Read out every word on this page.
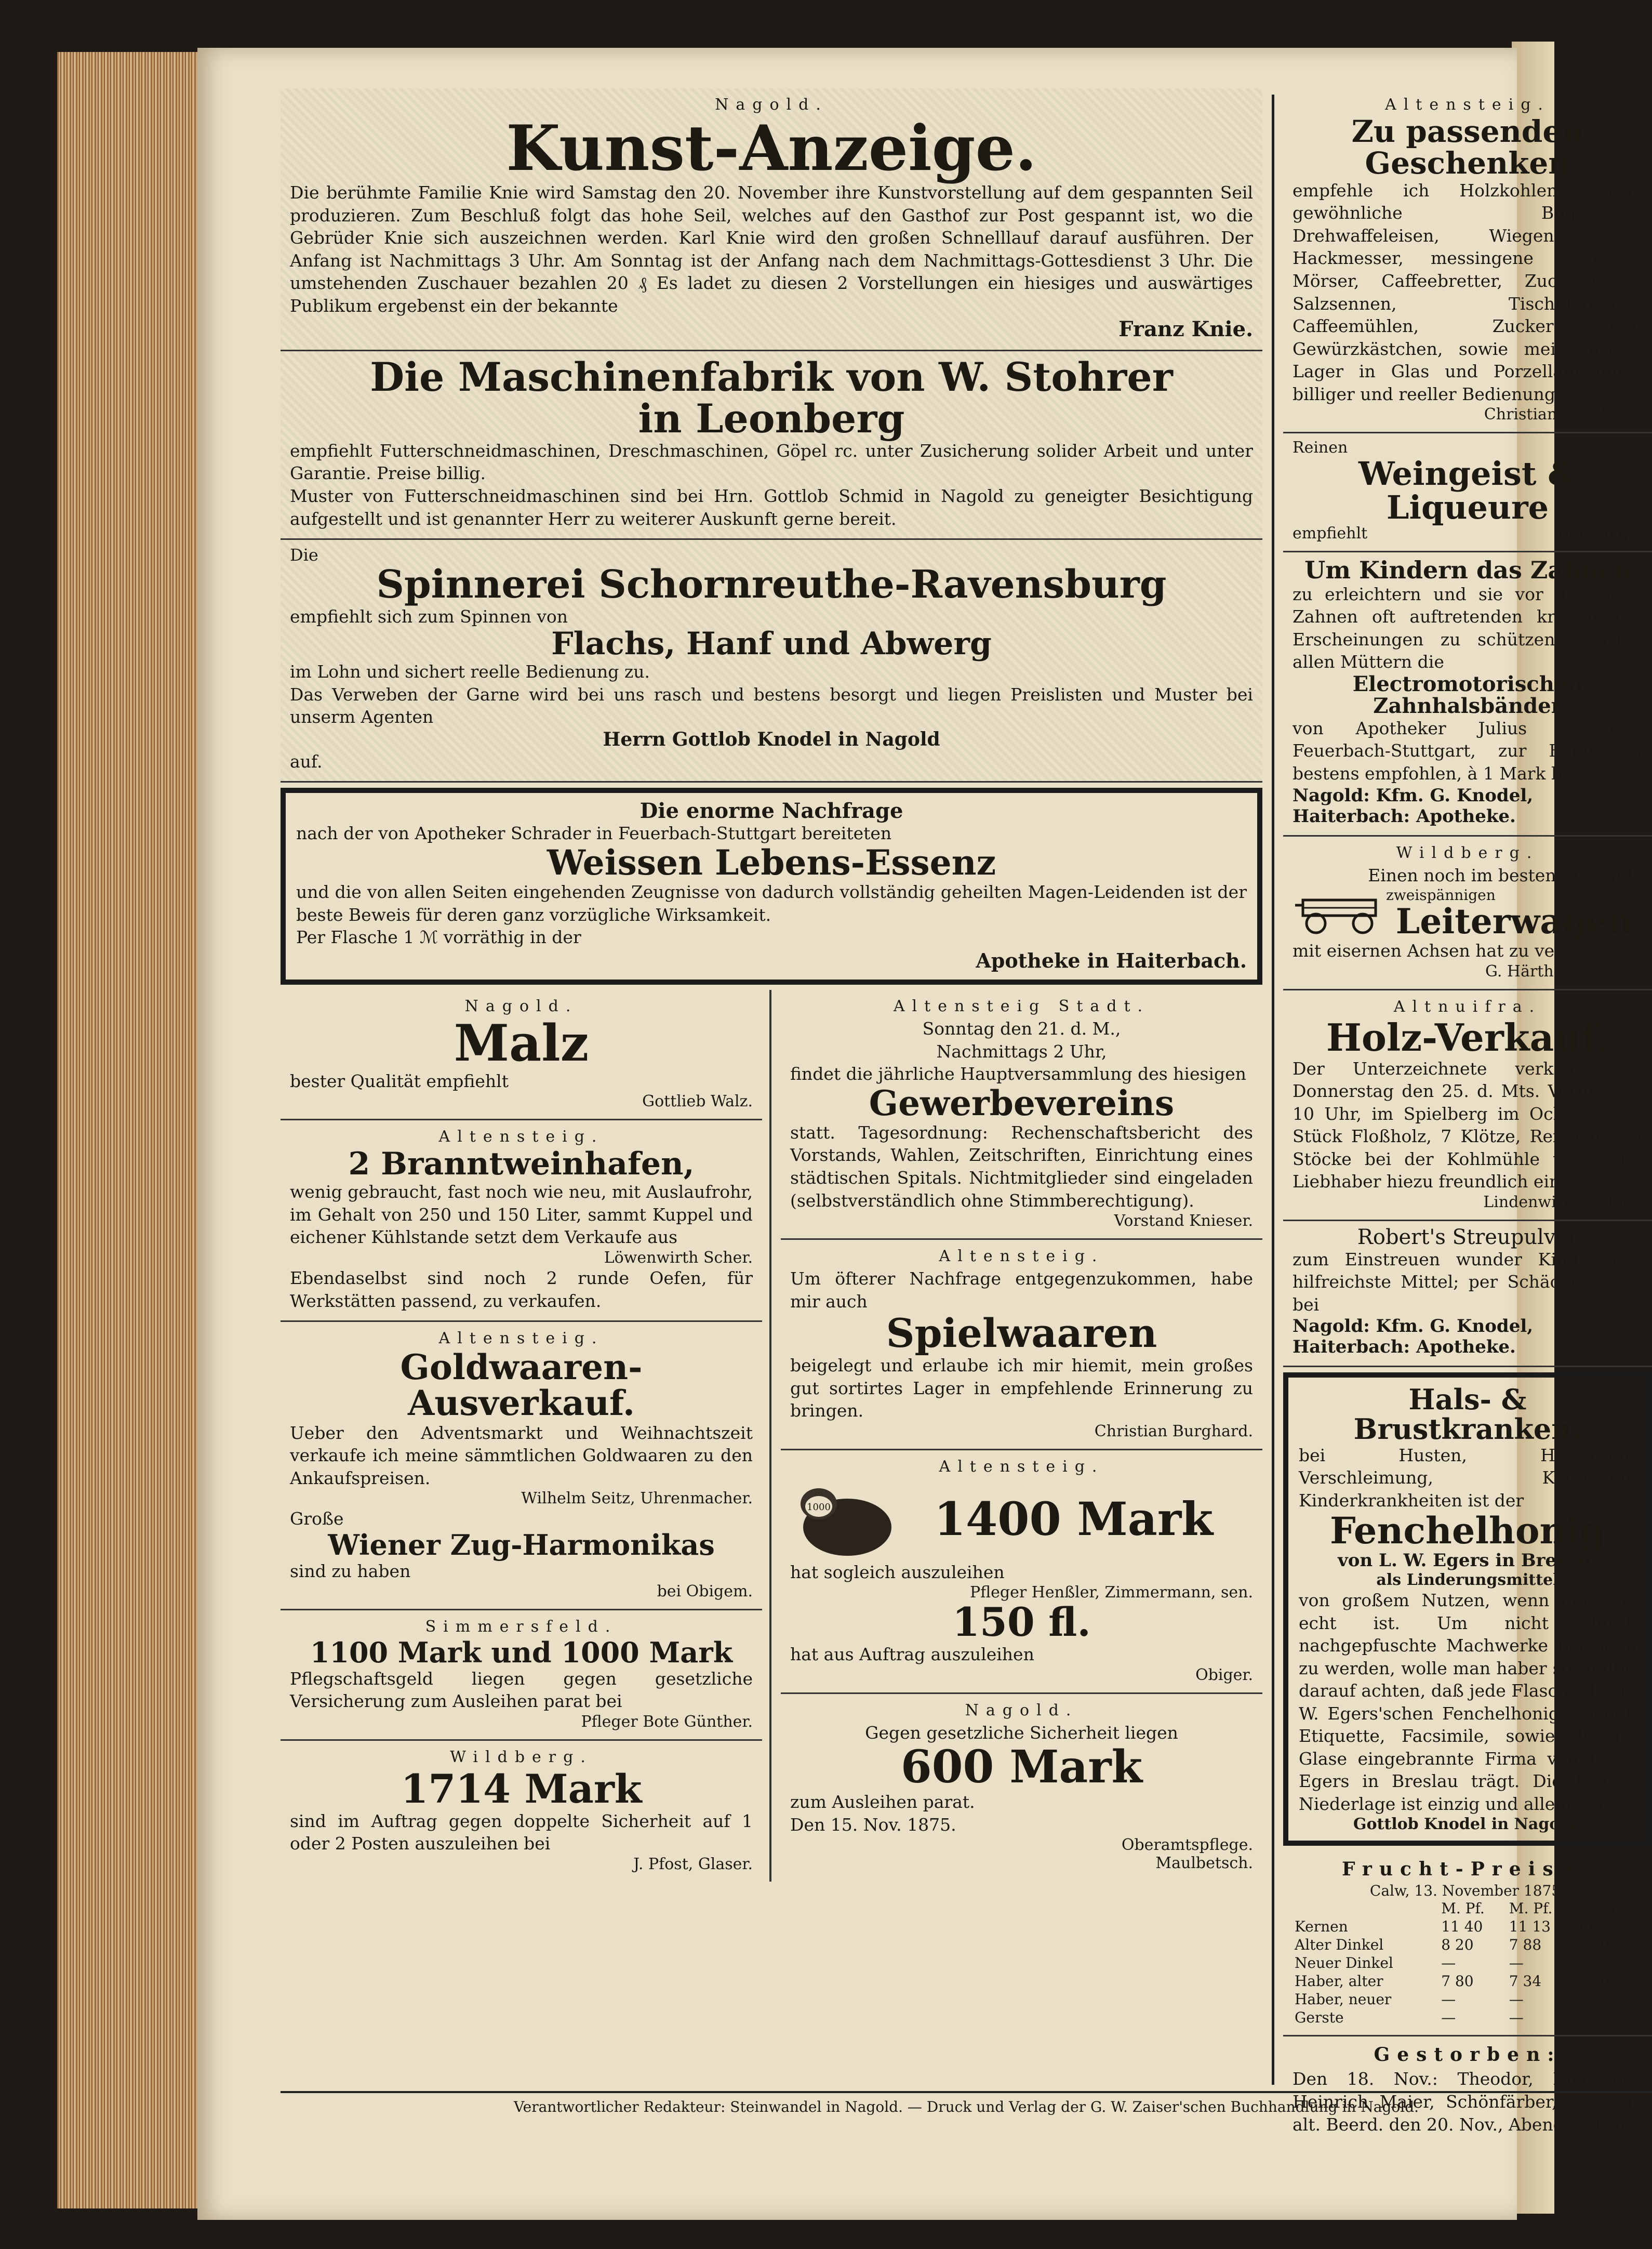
Nagold.
Kunst-Anzeige.

Die berühmte Familie Knie wird Samstag den 20. November ihre Kunstvorstellung auf dem gespannten Seil produzieren. Zum Beschluß folgt das hohe Seil, welches auf den Gasthof zur Post gespannt ist, wo die Gebrüder Knie sich auszeichnen werden. Karl Knie wird den großen Schnelllauf darauf ausführen. Der Anfang ist Nachmittags 3 Uhr. Am Sonntag ist der Anfang nach dem Nachmittags-Gottesdienst 3 Uhr. Die umstehenden Zuschauer bezahlen 20 ₰ Es ladet zu diesen 2 Vorstellungen ein hiesiges und auswärtiges Publikum ergebenst ein der bekannte

Franz Knie.
Die Maschinenfabrik von W. Stohrer
in Leonberg

empfiehlt Futterschneidmaschinen, Dreschmaschinen, Göpel rc. unter Zusicherung solider Arbeit und unter Garantie. Preise billig.

Muster von Futterschneidmaschinen sind bei Hrn. Gottlob Schmid in Nagold zu geneigter Besichtigung aufgestellt und ist genannter Herr zu weiterer Auskunft gerne bereit.

Die
Spinnerei Schornreuthe-Ravensburg

empfiehlt sich zum Spinnen von

Flachs, Hanf und Abwerg

im Lohn und sichert reelle Bedienung zu.

Das Verweben der Garne wird bei uns rasch und bestens besorgt und liegen Preislisten und Muster bei unserm Agenten

Herrn Gottlob Knodel in Nagold

auf.

Die enorme Nachfrage

nach der von Apotheker Schrader in Feuerbach-Stuttgart bereiteten

Weissen Lebens-Essenz

und die von allen Seiten eingehenden Zeugnisse von dadurch vollständig geheilten Magen-Leidenden ist der beste Beweis für deren ganz vorzügliche Wirksamkeit.

Per Flasche 1 ℳ vorräthig in der

Apotheke in Haiterbach.
Nagold.
Malz

bester Qualität empfiehlt

Gottlieb Walz.
Altensteig.
2 Branntweinhafen,

wenig gebraucht, fast noch wie neu, mit Auslaufrohr, im Gehalt von 250 und 150 Liter, sammt Kuppel und eichener Kühlstande setzt dem Verkaufe aus

Löwenwirth Scher.

Ebendaselbst sind noch 2 runde Oefen, für Werkstätten passend, zu verkaufen.

Altensteig.
Goldwaaren-Ausverkauf.

Ueber den Adventsmarkt und Weihnachtszeit verkaufe ich meine sämmtlichen Goldwaaren zu den Ankaufspreisen.

Wilhelm Seitz, Uhrenmacher.

Große

Wiener Zug-Harmonikas

sind zu haben

bei Obigem.
Simmersfeld.
1100 Mark und 1000 Mark

Pflegschaftsgeld liegen gegen gesetzliche Versicherung zum Ausleihen parat bei

Pfleger Bote Günther.
Wildberg.
1714 Mark

sind im Auftrag gegen doppelte Sicherheit auf 1 oder 2 Posten auszuleihen bei

J. Pfost, Glaser.
Altensteig Stadt.

Sonntag den 21. d. M.,

Nachmittags 2 Uhr,

findet die jährliche Hauptversammlung des hiesigen

Gewerbevereins

statt. Tagesordnung: Rechenschaftsbericht des Vorstands, Wahlen, Zeitschriften, Einrichtung eines städtischen Spitals. Nichtmitglieder sind eingeladen (selbstverständlich ohne Stimmberechtigung).

Vorstand Knieser.
Altensteig.

Um öfterer Nachfrage entgegenzukommen, habe mir auch

Spielwaaren

beigelegt und erlaube ich mir hiemit, mein großes gut sortirtes Lager in empfehlende Erinnerung zu bringen.

Christian Burghard.
Altensteig.
1000	1400 Mark

hat sogleich auszuleihen

Pfleger Henßler, Zimmermann, sen.
150 fl.

hat aus Auftrag auszuleihen

Obiger.
Nagold.

Gegen gesetzliche Sicherheit liegen

600 Mark

zum Ausleihen parat.

Den 15. Nov. 1875.

Oberamtspflege.
Maulbetsch.
Altensteig.
Zu passenden Geschenken

empfehle ich Holzkohlen, sowie gewöhnliche Bügeleisen, Drehwaffeleisen, Wiegen- und Hackmesser, messingene Leuchter, Mörser, Caffeebretter, Zuckerdosen, Salzsennen, Tischblättchen, Caffeemühlen, Zuckerschneider, Gewürzkästchen, sowie mein großes Lager in Glas und Porzellain unter billiger und reeller Bedienung.

Christian Burghard.
Reinen
Weingeist & Liqueure
empfiehlt	der Obige.
Um Kindern das Zahnen

zu erleichtern und sie vor den beim Zahnen oft auftretenden krankhaften Erscheinungen zu schützen, werden allen Müttern die

Electromotorischen Zahnhalsbänder

von Apotheker Julius Schrader, Feuerbach-Stuttgart, zur Benützung bestens empfohlen, à 1 Mark bei

Nagold: Kfm. G. Knodel,
Haiterbach: Apotheke.
Wildberg.

Einen noch im besten Zustande

zweispännigen
Leiterwagen

mit eisernen Achsen hat zu verkaufen

G. Härther, Schmid.
Altnuifra.
Holz-Verkauf.

Der Unterzeichnete verkauft am Donnerstag den 25. d. Mts. Vormittags 10 Uhr, im Spielberg im Ochsen; 171 Stück Floßholz, 7 Klötze, Reißach und Stöcke bei der Kohlmühle und ladet Liebhaber hiezu freundlich ein.

Lindenwirth Helber.
Robert's Streupulver

zum Einstreuen wunder Kinder das hilfreichste Mittel; per Schächtel 35 ₰ bei

Nagold: Kfm. G. Knodel,
Haiterbach: Apotheke.
Hals- & Brustkranken,

bei Husten, Heiserkeit, Verschleimung, Katarrhen, Kinderkrankheiten ist der

Fenchelhonig
von L. W. Egers in Breslau
als Linderungsmittel

von großem Nutzen, wenn derselbe echt ist. Um nicht durch nachgepfuschte Machwerke betrogen zu werden, wolle man haber sorgfältig darauf achten, daß jede Flasche des L. W. Egers'schen Fenchelhonigs Siegel, Etiquette, Facsimile, sowie die im Glase eingebrannte Firma von L. W. Egers in Breslau trägt. Die Fabrik-Niederlage ist einzig und allein bei

Gottlob Knodel in Nagold.
Frucht-Preise.
Calw, 13. November 1875.
	M. Pf.	M. Pf.	M. Pf.
Kernen	11 40	11 13	11 —
Alter Dinkel	8 20	7 88	7 20
Neuer Dinkel	—	—	—
Haber, alter	7 80	7 34	7 30
Haber, neuer	—	—	—
Gerste	—	—	—
Gestorben:

Den 18. Nov.: Theodor, Kind des Heinrich Maier, Schönfärber, 11 Tage alt. Beerd. den 20. Nov., Abends 4 Uhr.

Verantwortlicher Redakteur: Steinwandel in Nagold. — Druck und Verlag der G. W. Zaiser'schen Buchhandlung in Nagold.
